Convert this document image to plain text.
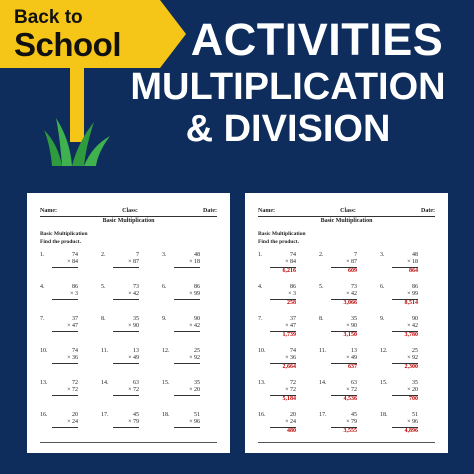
Back to
School	ACTIVITIES
MULTIPLICATION
& DIVISION
Name:	Class:	Date:
Basic Multiplication
Basic Multiplication
Find the product.
1.	74
× 84
2.	7
× 87
3.	48
× 18
4.	86
× 3
5.	73
× 42
6.	86
× 99
7.	37
× 47
8.	35
× 90
9.	90
× 42
10.	74
× 36
11.	13
× 49
12.	25
× 92
13.	72
× 72
14.	63
× 72
15.	35
× 20
16.	20
× 24
17.	45
× 79
18.	51
× 96
Name:	Class:	Date:
Basic Multiplication
Basic Multiplication
Find the product.
1.	74
× 84
6,216
2.	7
× 87
609
3.	48
× 18
864
4.	86
× 3
258
5.	73
× 42
3,066
6.	86
× 99
8,514
7.	37
× 47
1,739
8.	35
× 90
3,150
9.	90
× 42
3,780
10.	74
× 36
2,664
11.	13
× 49
637
12.	25
× 92
2,300
13.	72
× 72
5,184
14.	63
× 72
4,536
15.	35
× 20
700
16.	20
× 24
480
17.	45
× 79
3,555
18.	51
× 96
4,896
